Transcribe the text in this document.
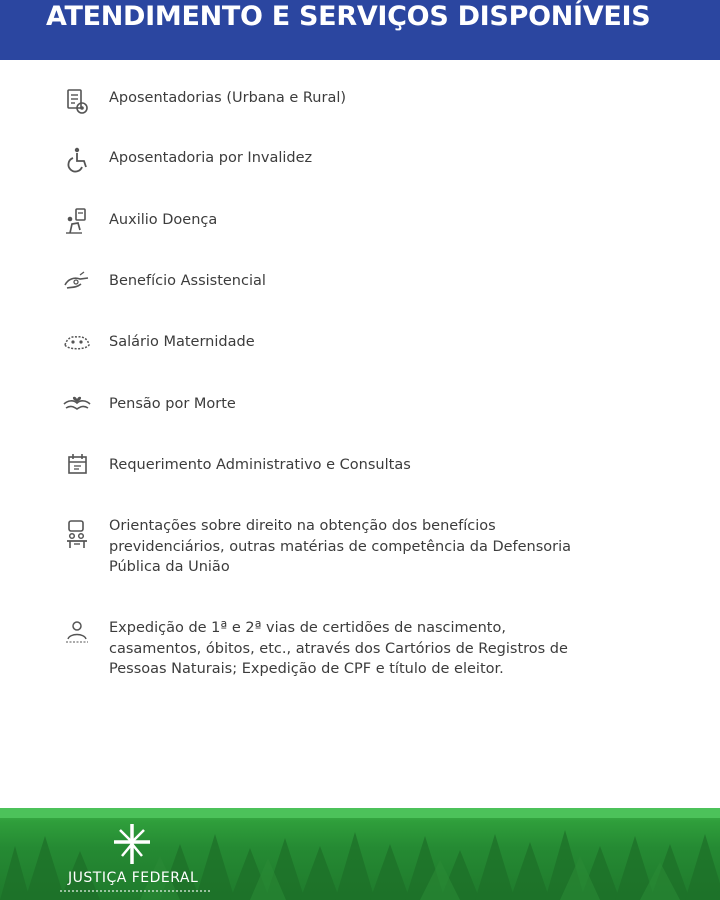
ATENDIMENTO E SERVIÇOS DISPONÍVEIS
Aposentadorias (Urbana e Rural)
Aposentadoria por Invalidez
Auxilio Doença
Benefício Assistencial
Salário Maternidade
Pensão por Morte
Requerimento Administrativo e Consultas
Orientações sobre direito na obtenção dos benefícios previdenciários, outras matérias de competência da Defensoria Pública da União
Expedição de 1ª e 2ª vias de certidões de nascimento, casamentos, óbitos, etc., através dos Cartórios de Registros de Pessoas Naturais; Expedição de CPF e título de eleitor.
JUSTIÇA FEDERAL
